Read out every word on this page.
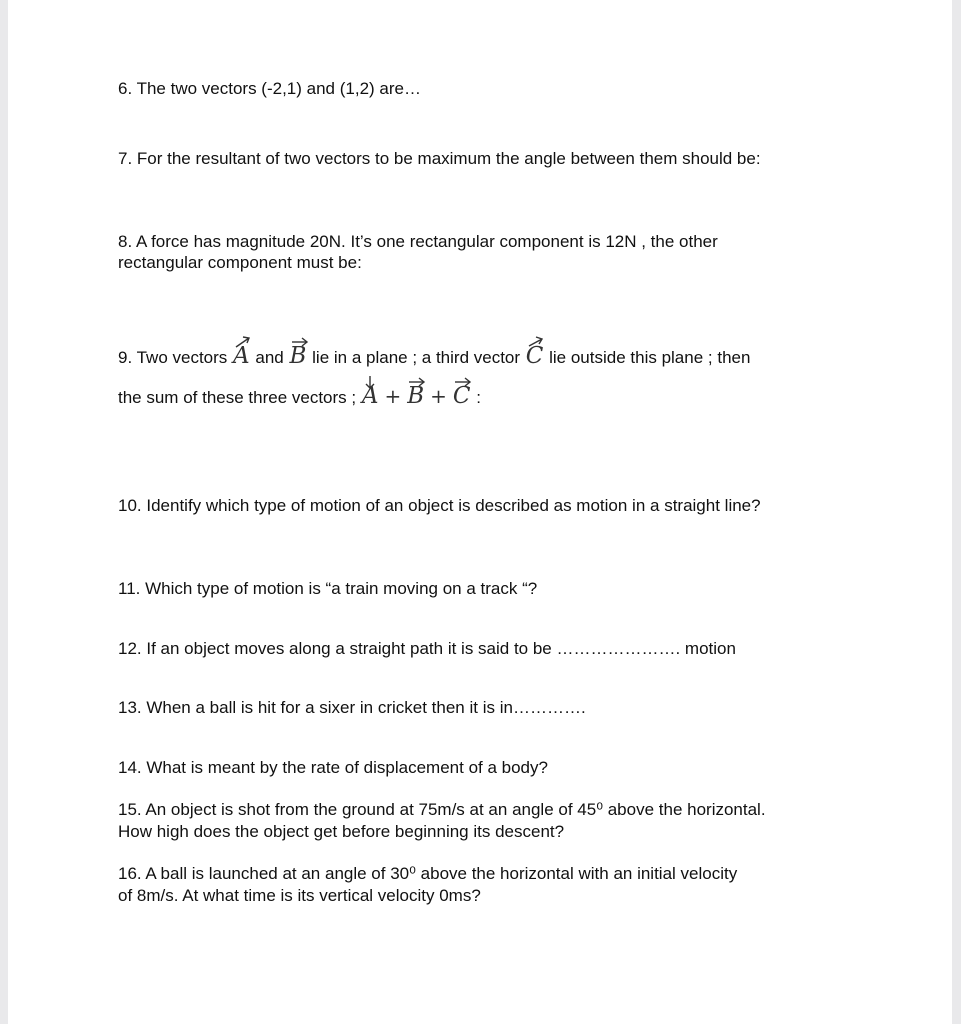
6. The two vectors (-2,1) and (1,2) are…
7. For the resultant of two vectors to be maximum the angle between them should be:
8. A force has magnitude 20N. It’s one rectangular component is 12N , the other
rectangular component must be:
9. Two vectors A and B lie in a plane ; a third vector C lie outside this plane ; then
the sum of these three vectors ; A + B + C :
10. Identify which type of motion of an object is described as motion in a straight line?
11. Which type of motion is “a train moving on a track “?
12. If an object moves along a straight path it is said to be …………………. motion
13. When a ball is hit for a sixer in cricket then it is in………….
14. What is meant by the rate of displacement of a body?
15. An object is shot from the ground at 75m/s at an angle of 45⁰ above the horizontal.
How high does the object get before beginning its descent?
16. A ball is launched at an angle of 30⁰ above the horizontal with an initial velocity
of 8m/s. At what time is its vertical velocity 0ms?
